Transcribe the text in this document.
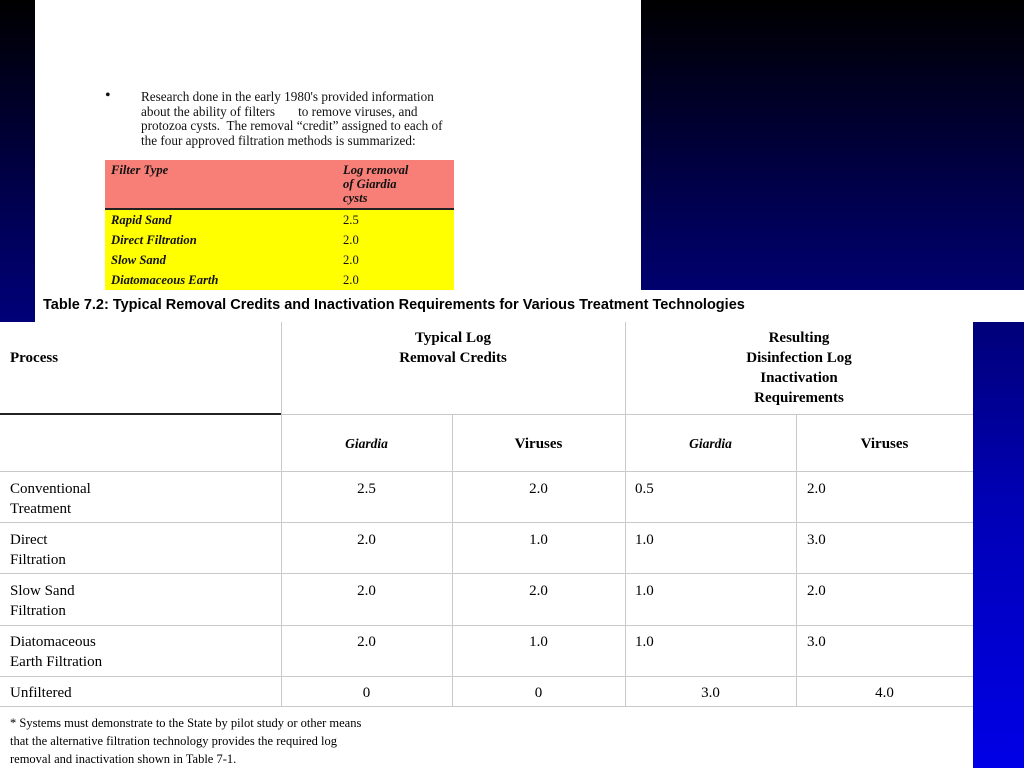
• Research done in the early 1980's provided information
about the ability of filters       to remove viruses, and
protozoa cysts.  The removal “credit” assigned to each of
the four approved filtration methods is summarized:
Filter Type	Log removal
of Giardia
cysts

Rapid Sand	2.5
Direct Filtration	2.0
Slow Sand	2.0
Diatomaceous Earth	2.0
Table 7.2: Typical Removal Credits and Inactivation Requirements for Various Treatment Technologies
Process
Typical Log
Removal Credits
Resulting
Disinfection Log
Inactivation
Requirements
Giardia	Viruses	Giardia	Viruses
Conventional
Treatment
2.5	2.0	0.5	2.0
Direct
Filtration
2.0	1.0	1.0	3.0
Slow Sand
Filtration
2.0	2.0	1.0	2.0
Diatomaceous
Earth Filtration
2.0	1.0	1.0	3.0
Unfiltered	0	0	3.0	4.0
* Systems must demonstrate to the State by pilot study or other means
that the alternative filtration technology provides the required log
removal and inactivation shown in Table 7-1.
